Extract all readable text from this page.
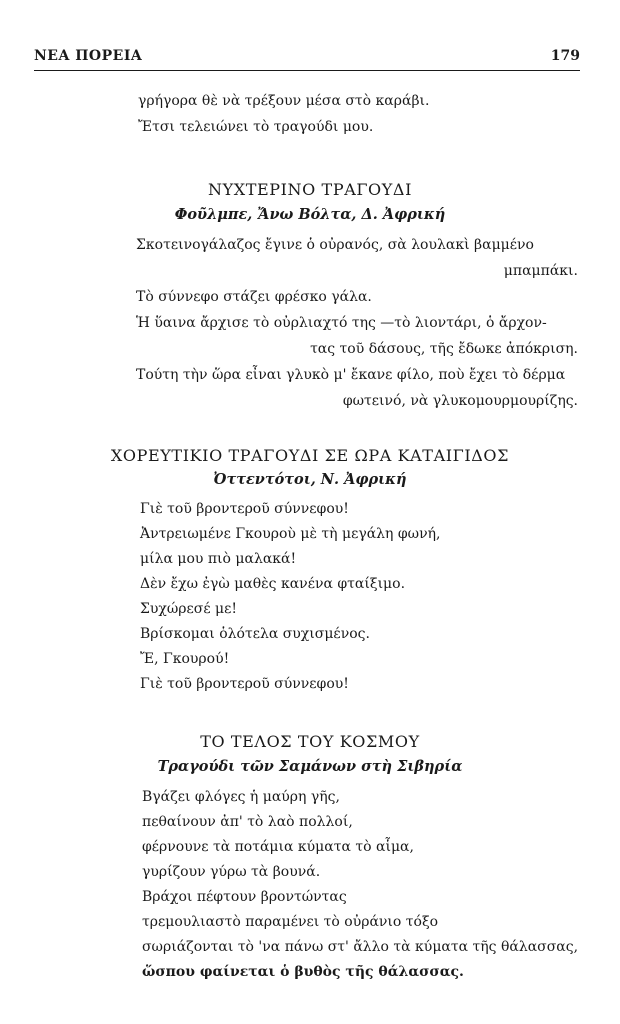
ΝΕΑ ΠΟΡΕΙΑ	179
γρήγορα θὲ νὰ τρέξουν μέσα στὸ καράβι.
Ἔτσι τελειώνει τὸ τραγούδι μου.
ΝΥΧΤΕΡΙΝΟ ΤΡΑΓΟΥΔΙ
Φοῦλμπε, Ἄνω Βόλτα, Δ. Ἀφρική
Σκοτεινογάλαζος ἔγινε ὁ οὐρανός, σὰ λουλακὶ βαμμένο
μπαμπάκι.
Τὸ σύννεφο στάζει φρέσκο γάλα.
Ἡ ὕαινα ἄρχισε τὸ οὐρλιαχτό της —τὸ λιοντάρι, ὁ ἄρχον-
τας τοῦ δάσους, τῆς ἔδωκε ἀπόκριση.
Τούτη τὴν ὥρα εἶναι γλυκὸ μ' ἔκανε φίλο, ποὺ ἔχει τὸ δέρμα
φωτεινό, νὰ γλυκομουρμουρίζης.
ΧΟΡΕΥΤΙΚΙΟ ΤΡΑΓΟΥΔΙ ΣΕ ΩΡΑ ΚΑΤΑΙΓΙΔΟΣ
Ὀττεντότοι, Ν. Ἀφρική
Γιὲ τοῦ βροντεροῦ σύννεφου!
Ἀντρειωμένε Γκουροὺ μὲ τὴ μεγάλη φωνή,
μίλα μου πιὸ μαλακά!
Δὲν ἔχω ἐγὼ μαθὲς κανένα φταίξιμο.
Συχώρεσέ με!
Βρίσκομαι ὁλότελα συχισμένος.
Ἔ, Γκουρού!
Γιὲ τοῦ βροντεροῦ σύννεφου!
ΤΟ ΤΕΛΟΣ ΤΟΥ ΚΟΣΜΟΥ
Τραγούδι τῶν Σαμάνων στὴ Σιβηρία
Βγάζει φλόγες ἡ μαύρη γῆς,
πεθαίνουν ἀπ' τὸ λαὸ πολλοί,
φέρνουνε τὰ ποτάμια κύματα τὸ αἷμα,
γυρίζουν γύρω τὰ βουνά.
Βράχοι πέφτουν βροντώντας
τρεμουλιαστὸ παραμένει τὸ οὐράνιο τόξο
σωριάζονται τὸ 'να πάνω στ' ἄλλο τὰ κύματα τῆς θάλασσας,
ὥσπου φαίνεται ὁ βυθὸς τῆς θάλασσας.
